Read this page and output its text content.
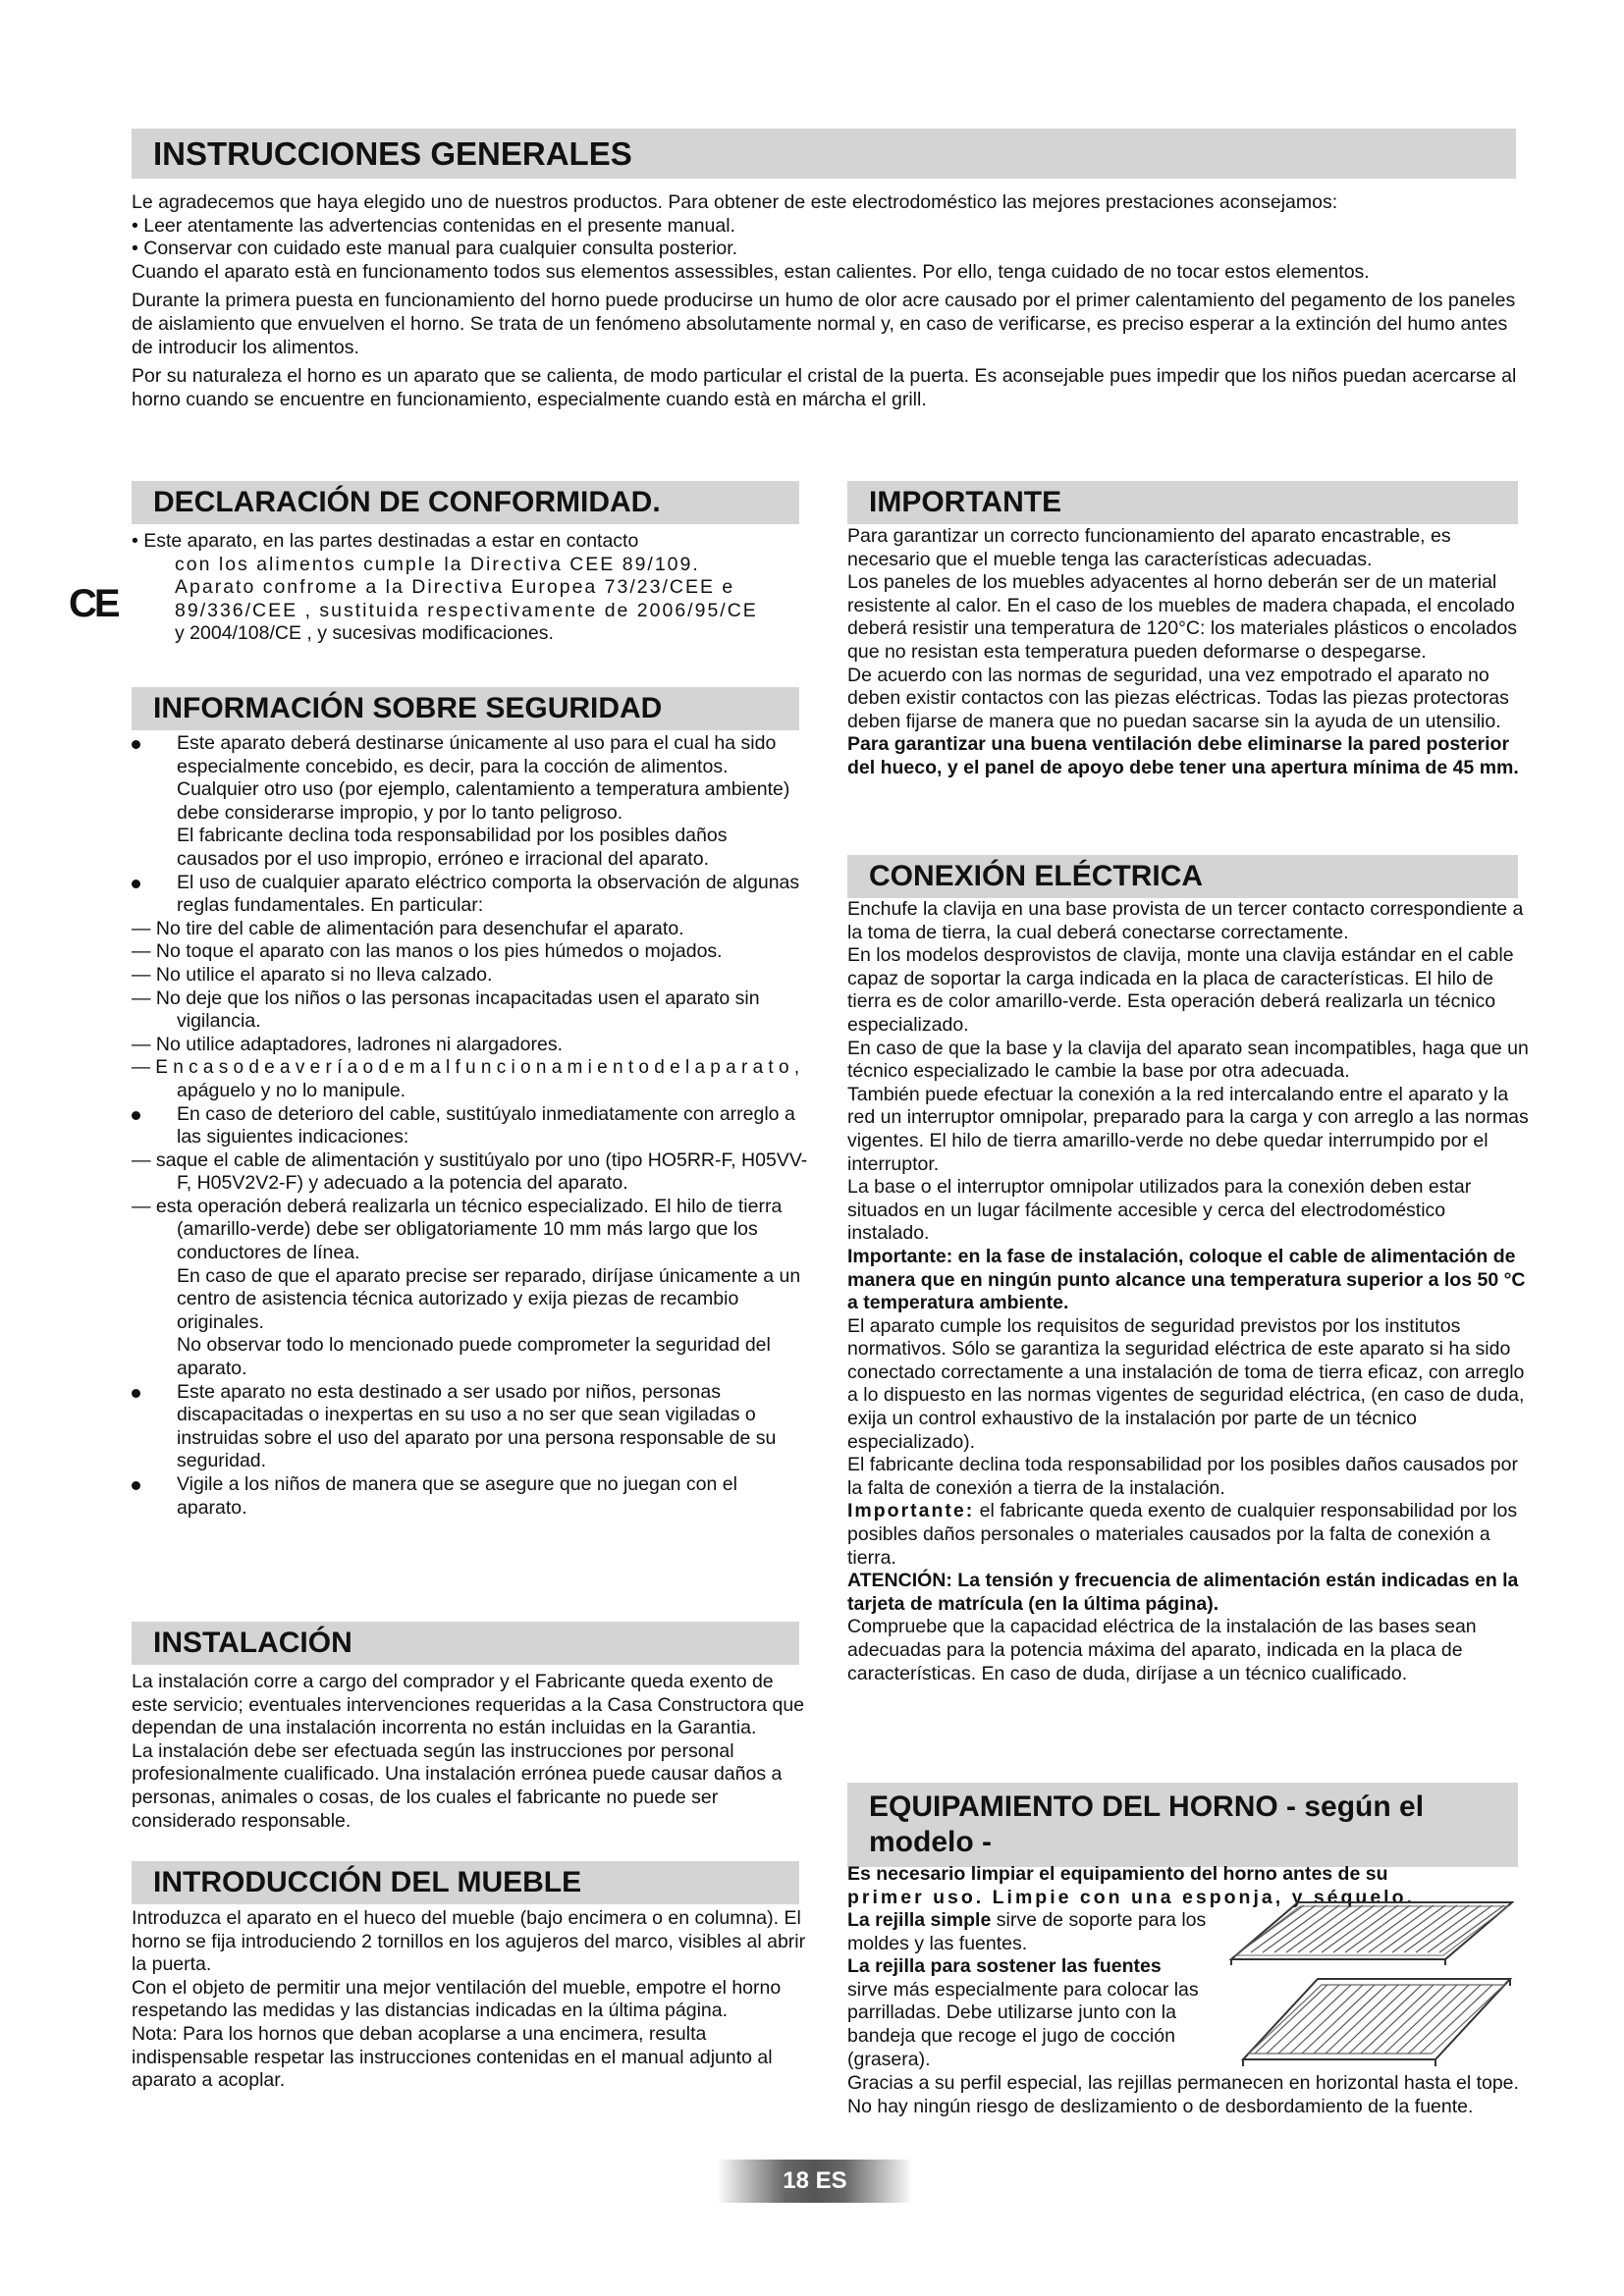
INSTRUCCIONES GENERALES

Le agradecemos que haya elegido uno de nuestros productos. Para obtener de este electrodoméstico las mejores prestaciones aconsejamos:

• Leer atentamente las advertencias contenidas en el presente manual.

• Conservar con cuidado este manual para cualquier consulta posterior.

Cuando el aparato està en funcionamento todos sus elementos assessibles, estan calientes. Por ello, tenga cuidado de no tocar estos elementos.

Durante la primera puesta en funcionamiento del horno puede producirse un humo de olor acre causado por el primer calentamiento del pegamento de los paneles de aislamiento que envuelven el horno. Se trata de un fenómeno absolutamente normal y, en caso de verificarse, es preciso esperar a la extinción del humo antes de introducir los alimentos.

Por su naturaleza el horno es un aparato que se calienta, de modo particular el cristal de la puerta. Es aconsejable pues impedir que los niños puedan acercarse al horno cuando se encuentre en funcionamiento, especialmente cuando està en márcha el grill.

DECLARACIÓN DE CONFORMIDAD.

• Este aparato, en las partes destinadas a estar en contacto

con los alimentos cumple la Directiva CEE 89/109.

Aparato confrome a la Directiva Europea 73/23/CEE e

89/336/CEE , sustituida respectivamente de 2006/95/CE

y 2004/108/CE , y sucesivas modificaciones.

CE
INFORMACIÓN SOBRE SEGURIDAD
Este aparato deberá destinarse únicamente al uso para el cual ha sido especialmente concebido, es decir, para la cocción de alimentos.

Cualquier otro uso (por ejemplo, calentamiento a temperatura ambiente) debe considerarse impropio, y por lo tanto peligroso.

El fabricante declina toda responsabilidad por los posibles daños causados por el uso impropio, erróneo e irracional del aparato.

El uso de cualquier aparato eléctrico comporta la observación de algunas reglas fundamentales. En particular:

— No tire del cable de alimentación para desenchufar el aparato.

— No toque el aparato con las manos o los pies húmedos o mojados.

— No utilice el aparato si no lleva calzado.

— No deje que los niños o las personas incapacitadas usen el aparato sin vigilancia.

— No utilice adaptadores, ladrones ni alargadores.

— E n c a s o d e a v e r í a o d e m a l f u n c i o n a m i e n t o d e l a p a r a t o ,

apáguelo y no lo manipule.

En caso de deterioro del cable, sustitúyalo inmediatamente con arreglo a las siguientes indicaciones:

— saque el cable de alimentación y sustitúyalo por uno (tipo HO5RR-F, H05VV-F, H05V2V2-F) y adecuado a la potencia del aparato.

— esta operación deberá realizarla un técnico especializado. El hilo de tierra (amarillo-verde) debe ser obligatoriamente 10 mm más largo que los conductores de línea.

En caso de que el aparato precise ser reparado, diríjase únicamente a un centro de asistencia técnica autorizado y exija piezas de recambio originales.

No observar todo lo mencionado puede comprometer la seguridad del aparato.

Este aparato no esta destinado a ser usado por niños, personas discapacitadas o inexpertas en su uso a no ser que sean vigiladas o instruidas sobre el uso del aparato por una persona responsable de su seguridad.
Vigile a los niños de manera que se asegure que no juegan con el aparato.
INSTALACIÓN

La instalación corre a cargo del comprador y el Fabricante queda exento de este servicio; eventuales intervenciones requeridas a la Casa Constructora que dependan de una instalación incorrenta no están incluidas en la Garantia.

La instalación debe ser efectuada según las instrucciones por personal profesionalmente cualificado. Una instalación errónea puede causar daños a personas, animales o cosas, de los cuales el fabricante no puede ser considerado responsable.

INTRODUCCIÓN DEL MUEBLE

Introduzca el aparato en el hueco del mueble (bajo encimera o en columna). El horno se fija introduciendo 2 tornillos en los agujeros del marco, visibles al abrir la puerta.

Con el objeto de permitir una mejor ventilación del mueble, empotre el horno respetando las medidas y las distancias indicadas en la última página.

Nota: Para los hornos que deban acoplarse a una encimera, resulta indispensable respetar las instrucciones contenidas en el manual adjunto al aparato a acoplar.

IMPORTANTE

Para garantizar un correcto funcionamiento del aparato encastrable, es necesario que el mueble tenga las características adecuadas.

Los paneles de los muebles adyacentes al horno deberán ser de un material resistente al calor. En el caso de los muebles de madera chapada, el encolado deberá resistir una temperatura de 120°C: los materiales plásticos o encolados que no resistan esta temperatura pueden deformarse o despegarse.

De acuerdo con las normas de seguridad, una vez empotrado el aparato no deben existir contactos con las piezas eléctricas. Todas las piezas protectoras deben fijarse de manera que no puedan sacarse sin la ayuda de un utensilio.

Para garantizar una buena ventilación debe eliminarse la pared posterior del hueco, y el panel de apoyo debe tener una apertura mínima de 45 mm.

CONEXIÓN ELÉCTRICA

Enchufe la clavija en una base provista de un tercer contacto correspondiente a la toma de tierra, la cual deberá conectarse correctamente.

En los modelos desprovistos de clavija, monte una clavija estándar en el cable capaz de soportar la carga indicada en la placa de características. El hilo de tierra es de color amarillo-verde. Esta operación deberá realizarla un técnico especializado.

En caso de que la base y la clavija del aparato sean incompatibles, haga que un técnico especializado le cambie la base por otra adecuada.

También puede efectuar la conexión a la red intercalando entre el aparato y la red un interruptor omnipolar, preparado para la carga y con arreglo a las normas vigentes. El hilo de tierra amarillo-verde no debe quedar interrumpido por el interruptor.

La base o el interruptor omnipolar utilizados para la conexión deben estar situados en un lugar fácilmente accesible y cerca del electrodoméstico instalado.

Importante: en la fase de instalación, coloque el cable de alimentación de manera que en ningún punto alcance una temperatura superior a los 50 °C a temperatura ambiente.

El aparato cumple los requisitos de seguridad previstos por los institutos normativos. Sólo se garantiza la seguridad eléctrica de este aparato si ha sido conectado correctamente a una instalación de toma de tierra eficaz, con arreglo a lo dispuesto en las normas vigentes de seguridad eléctrica, (en caso de duda, exija un control exhaustivo de la instalación por parte de un técnico especializado).

El fabricante declina toda responsabilidad por los posibles daños causados por la falta de conexión a tierra de la instalación.

Importante: el fabricante queda exento de cualquier responsabilidad por los posibles daños personales o materiales causados por la falta de conexión a tierra.

ATENCIÓN: La tensión y frecuencia de alimentación están indicadas en la tarjeta de matrícula (en la última página).

Compruebe que la capacidad eléctrica de la instalación de las bases sean adecuadas para la potencia máxima del aparato, indicada en la placa de características. En caso de duda, diríjase a un técnico cualificado.

EQUIPAMIENTO DEL HORNO - según el
modelo -

Es necesario limpiar el equipamiento del horno antes de su

primer uso. Limpie con una esponja, y séquelo.

La rejilla simple sirve de soporte para los moldes y las fuentes.

La rejilla para sostener las fuentes

sirve más especialmente para colocar las parrilladas. Debe utilizarse junto con la bandeja que recoge el jugo de cocción (grasera).

Gracias a su perfil especial, las rejillas permanecen en horizontal hasta el tope. No hay ningún riesgo de deslizamiento o de desbordamiento de la fuente.

18 ES
